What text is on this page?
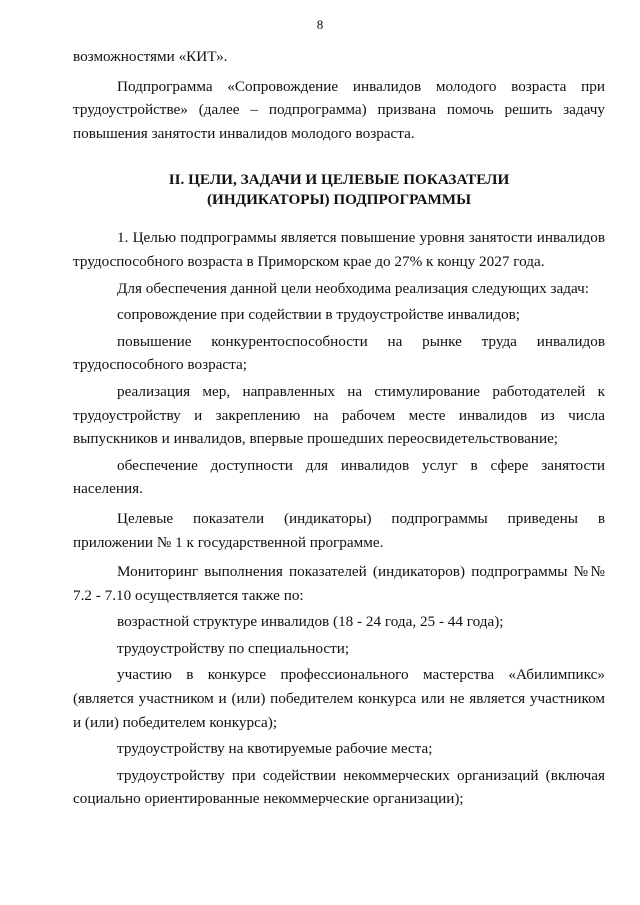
8

возможностями «КИТ».

Подпрограмма «Сопровождение инвалидов молодого возраста при трудоустройстве» (далее – подпрограмма) призвана помочь решить задачу повышения занятости инвалидов молодого возраста.

II. ЦЕЛИ, ЗАДАЧИ И ЦЕЛЕВЫЕ ПОКАЗАТЕЛИ
(ИНДИКАТОРЫ) ПОДПРОГРАММЫ

1. Целью подпрограммы является повышение уровня занятости инвалидов трудоспособного возраста в Приморском крае до 27% к концу 2027 года.

Для обеспечения данной цели необходима реализация следующих задач:

сопровождение при содействии в трудоустройстве инвалидов;

повышение конкурентоспособности на рынке труда инвалидов трудоспособного возраста;

реализация мер, направленных на стимулирование работодателей к трудоустройству и закреплению на рабочем месте инвалидов из числа выпускников и инвалидов, впервые прошедших переосвидетельствование;

обеспечение доступности для инвалидов услуг в сфере занятости населения.

Целевые показатели (индикаторы) подпрограммы приведены в приложении № 1 к государственной программе.

Мониторинг выполнения показателей (индикаторов) подпрограммы №№ 7.2 - 7.10 осуществляется также по:

возрастной структуре инвалидов (18 - 24 года, 25 - 44 года);

трудоустройству по специальности;

участию в конкурсе профессионального мастерства «Абилимпикс» (является участником и (или) победителем конкурса или не является участником и (или) победителем конкурса);

трудоустройству на квотируемые рабочие места;

трудоустройству при содействии некоммерческих организаций (включая социально ориентированные некоммерческие организации);
